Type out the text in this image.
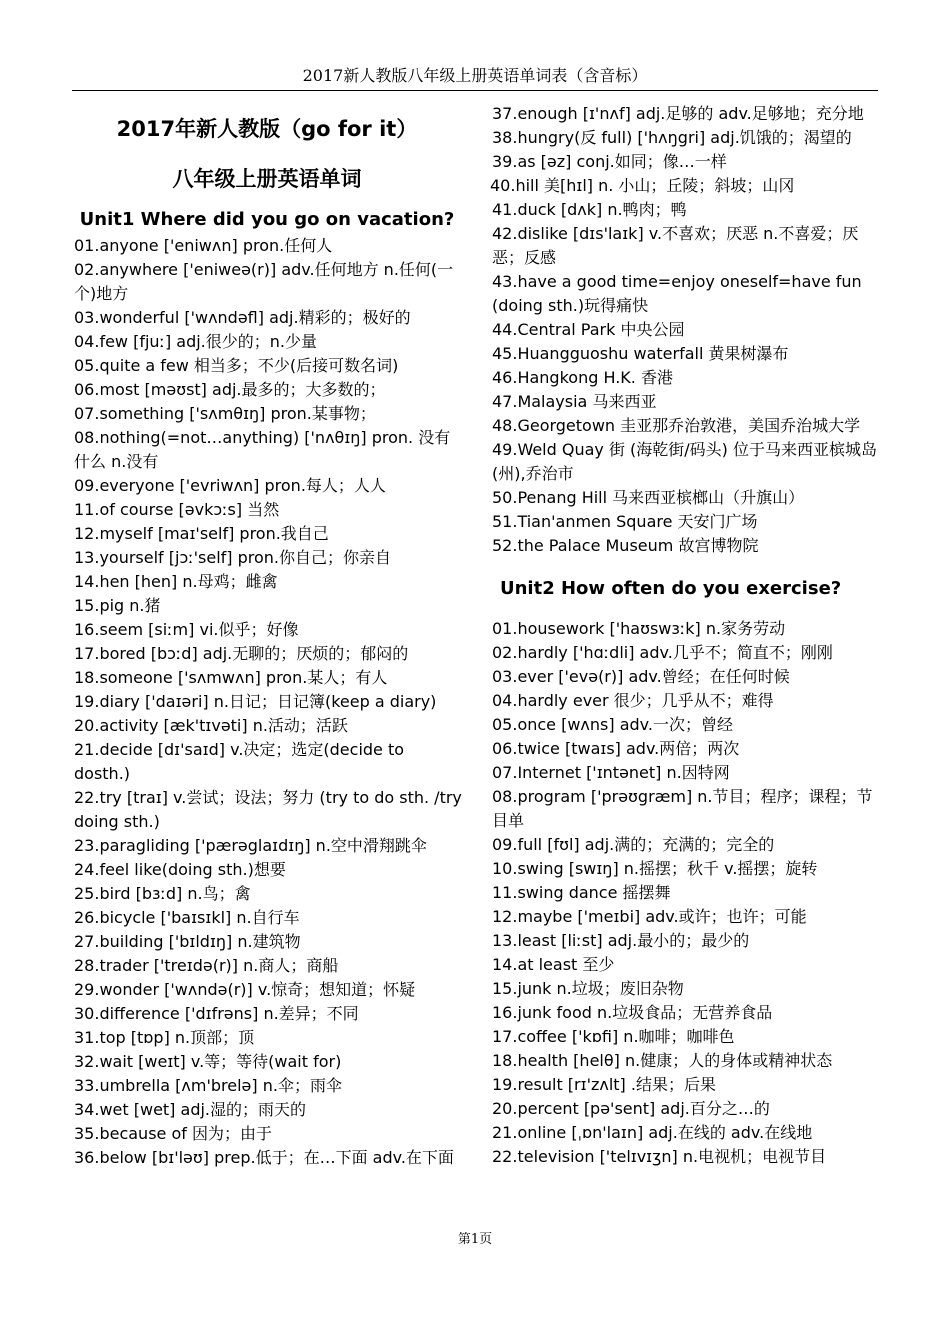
2017新人教版八年级上册英语单词表（含音标）

2017年新人教版（go for it）

八年级上册英语单词

Unit1 Where did you go on vacation?

01.anyone ['eniwʌn] pron.任何人

02.anywhere ['eniweə(r)] adv.任何地方 n.任何(一个)地方

03.wonderful ['wʌndəfl] adj.精彩的；极好的

04.few [fjuː] adj.很少的；n.少量

05.quite a few 相当多；不少(后接可数名词)

06.most [məʊst] adj.最多的；大多数的；

07.something ['sʌmθɪŋ] pron.某事物；

08.nothing(=not…anything) ['nʌθɪŋ] pron. 没有什么 n.没有

09.everyone ['evriwʌn] pron.每人；人人

11.of course [əvkɔːs] 当然

12.myself [maɪ'self] pron.我自己

13.yourself [jɔː'self] pron.你自己；你亲自

14.hen [hen] n.母鸡；雌禽

15.pig n.猪

16.seem [siːm] vi.似乎；好像

17.bored [bɔːd] adj.无聊的；厌烦的；郁闷的

18.someone ['sʌmwʌn] pron.某人；有人

19.diary ['daɪəri] n.日记；日记簿(keep a diary)

20.activity [æk'tɪvəti] n.活动；活跃

21.decide [dɪ'saɪd] v.决定；选定(decide to dosth.)

22.try [traɪ] v.尝试；设法；努力 (try to do sth. /try doing sth.)

23.paragliding ['pærəglaɪdɪŋ] n.空中滑翔跳伞

24.feel like(doing sth.)想要

25.bird [bɜːd] n.鸟；禽

26.bicycle ['baɪsɪkl] n.自行车

27.building ['bɪldɪŋ] n.建筑物

28.trader ['treɪdə(r)] n.商人；商船

29.wonder ['wʌndə(r)] v.惊奇；想知道；怀疑

30.difference ['dɪfrəns] n.差异；不同

31.top [tɒp] n.顶部；顶

32.wait [weɪt] v.等；等待(wait for)

33.umbrella [ʌm'brelə] n.伞；雨伞

34.wet [wet] adj.湿的；雨天的

35.because of 因为；由于

36.below [bɪ'ləʊ] prep.低于；在…下面 adv.在下面

37.enough [ɪ'nʌf] adj.足够的 adv.足够地；充分地

38.hungry(反 full) ['hʌŋgri] adj.饥饿的；渴望的

39.as [əz] conj.如同；像…一样

40.hill 美[hɪl] n. 小山；丘陵；斜坡；山冈

41.duck [dʌk] n.鸭肉；鸭

42.dislike [dɪs'laɪk] v.不喜欢；厌恶 n.不喜爱；厌恶；反感

43.have a good time=enjoy oneself=have fun

(doing sth.)玩得痛快

44.Central Park 中央公园

45.Huangguoshu waterfall 黄果树瀑布

46.Hangkong H.K. 香港

47.Malaysia 马来西亚

48.Georgetown 圭亚那乔治敦港，美国乔治城大学

49.Weld Quay 街 (海乾街/码头) 位于马来西亚槟城岛(州),乔治市

50.Penang Hill 马来西亚槟榔山（升旗山）

51.Tian'anmen Square 天安门广场

52.the Palace Museum 故宫博物院

Unit2 How often do you exercise?

01.housework ['haʊswɜːk] n.家务劳动

02.hardly ['hɑːdli] adv.几乎不；简直不；刚刚

03.ever ['evə(r)] adv.曾经；在任何时候

04.hardly ever 很少；几乎从不；难得

05.once [wʌns] adv.一次；曾经

06.twice [twaɪs] adv.两倍；两次

07.Internet ['ɪntənet] n.因特网

08.program ['prəʊgræm] n.节目；程序；课程；节目单

09.full [fʊl] adj.满的；充满的；完全的

10.swing [swɪŋ] n.摇摆；秋千 v.摇摆；旋转

11.swing dance 摇摆舞

12.maybe ['meɪbi] adv.或许；也许；可能

13.least [liːst] adj.最小的；最少的

14.at least 至少

15.junk n.垃圾；废旧杂物

16.junk food n.垃圾食品；无营养食品

17.coffee ['kɒfi] n.咖啡；咖啡色

18.health [helθ] n.健康；人的身体或精神状态

19.result [rɪ'zʌlt] .结果；后果

20.percent [pə'sent] adj.百分之…的

21.online [ˌɒn'laɪn] adj.在线的 adv.在线地

22.television ['telɪvɪʒn] n.电视机；电视节目

第1页
